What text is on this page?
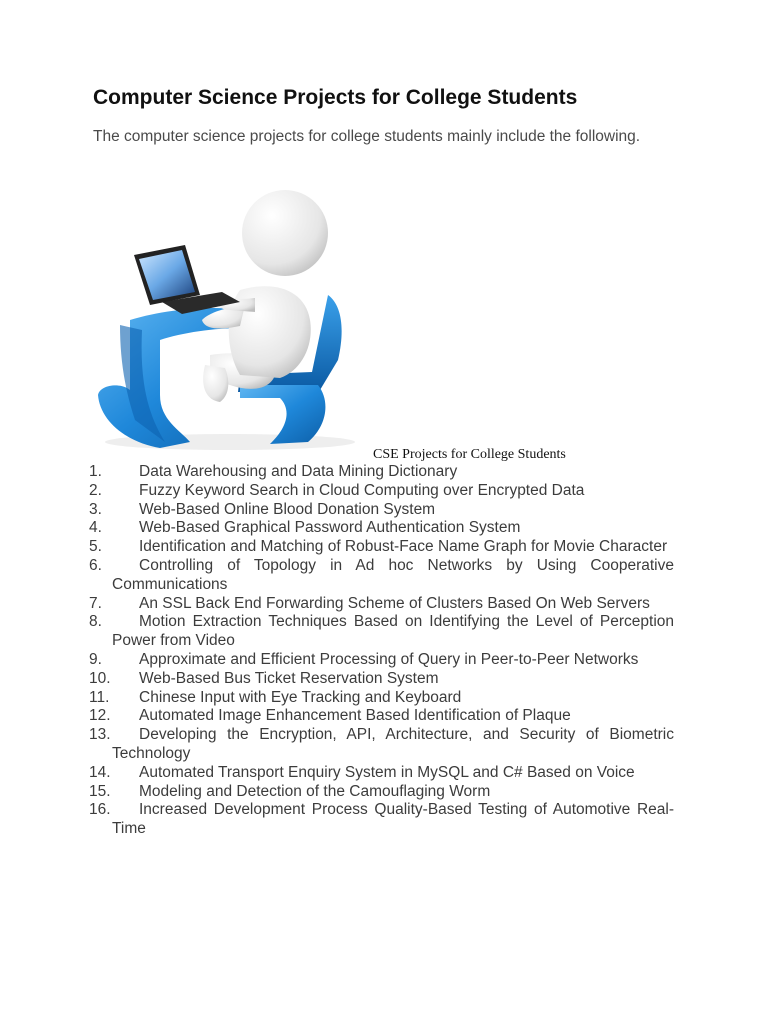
Computer Science Projects for College Students

The computer science projects for college students mainly include the following.

CSE Projects for College Students
1.	Data Warehousing and Data Mining Dictionary
2.	Fuzzy Keyword Search in Cloud Computing over Encrypted Data
3.	Web-Based Online Blood Donation System
4.	Web-Based Graphical Password Authentication System
5.	Identification and Matching of Robust-Face Name Graph for Movie Character
6.	Controlling of Topology in Ad hoc Networks by Using Cooperative Communications
7.	An SSL Back End Forwarding Scheme of Clusters Based On Web Servers
8.	Motion Extraction Techniques Based on Identifying the Level of Perception Power from Video
9.	Approximate and Efficient Processing of Query in Peer-to-Peer Networks
10.	Web-Based Bus Ticket Reservation System
11.	Chinese Input with Eye Tracking and Keyboard
12.	Automated Image Enhancement Based Identification of Plaque
13.	Developing the Encryption, API, Architecture, and Security of Biometric Technology
14.	Automated Transport Enquiry System in MySQL and C# Based on Voice
15.	Modeling and Detection of the Camouflaging Worm
16.	Increased Development Process Quality-Based Testing of Automotive Real-Time
